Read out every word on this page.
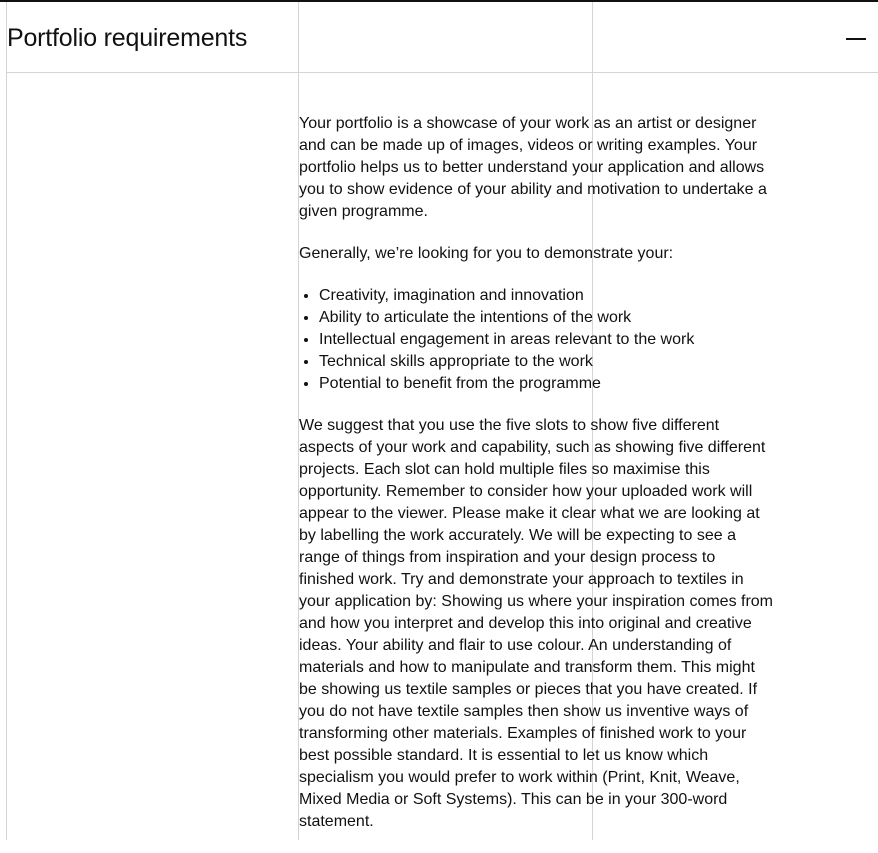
Portfolio requirements

Your portfolio is a showcase of your work as an artist or designer and can be made up of images, videos or writing examples. Your portfolio helps us to better understand your application and allows you to show evidence of your ability and motivation to undertake a given programme.

Generally, we’re looking for you to demonstrate your:

• Creativity, imagination and innovation
• Ability to articulate the intentions of the work
• Intellectual engagement in areas relevant to the work
• Technical skills appropriate to the work
• Potential to benefit from the programme

We suggest that you use the five slots to show five different aspects of your work and capability, such as showing five different projects. Each slot can hold multiple files so maximise this opportunity. Remember to consider how your uploaded work will appear to the viewer. Please make it clear what we are looking at by labelling the work accurately. We will be expecting to see a range of things from inspiration and your design process to finished work. Try and demonstrate your approach to textiles in your application by: Showing us where your inspiration comes from and how you interpret and develop this into original and creative ideas. Your ability and flair to use colour. An understanding of materials and how to manipulate and transform them. This might be showing us textile samples or pieces that you have created. If you do not have textile samples then show us inventive ways of transforming other materials. Examples of finished work to your best possible standard. It is essential to let us know which specialism you would prefer to work within (Print, Knit, Weave, Mixed Media or Soft Systems). This can be in your 300-word statement.
